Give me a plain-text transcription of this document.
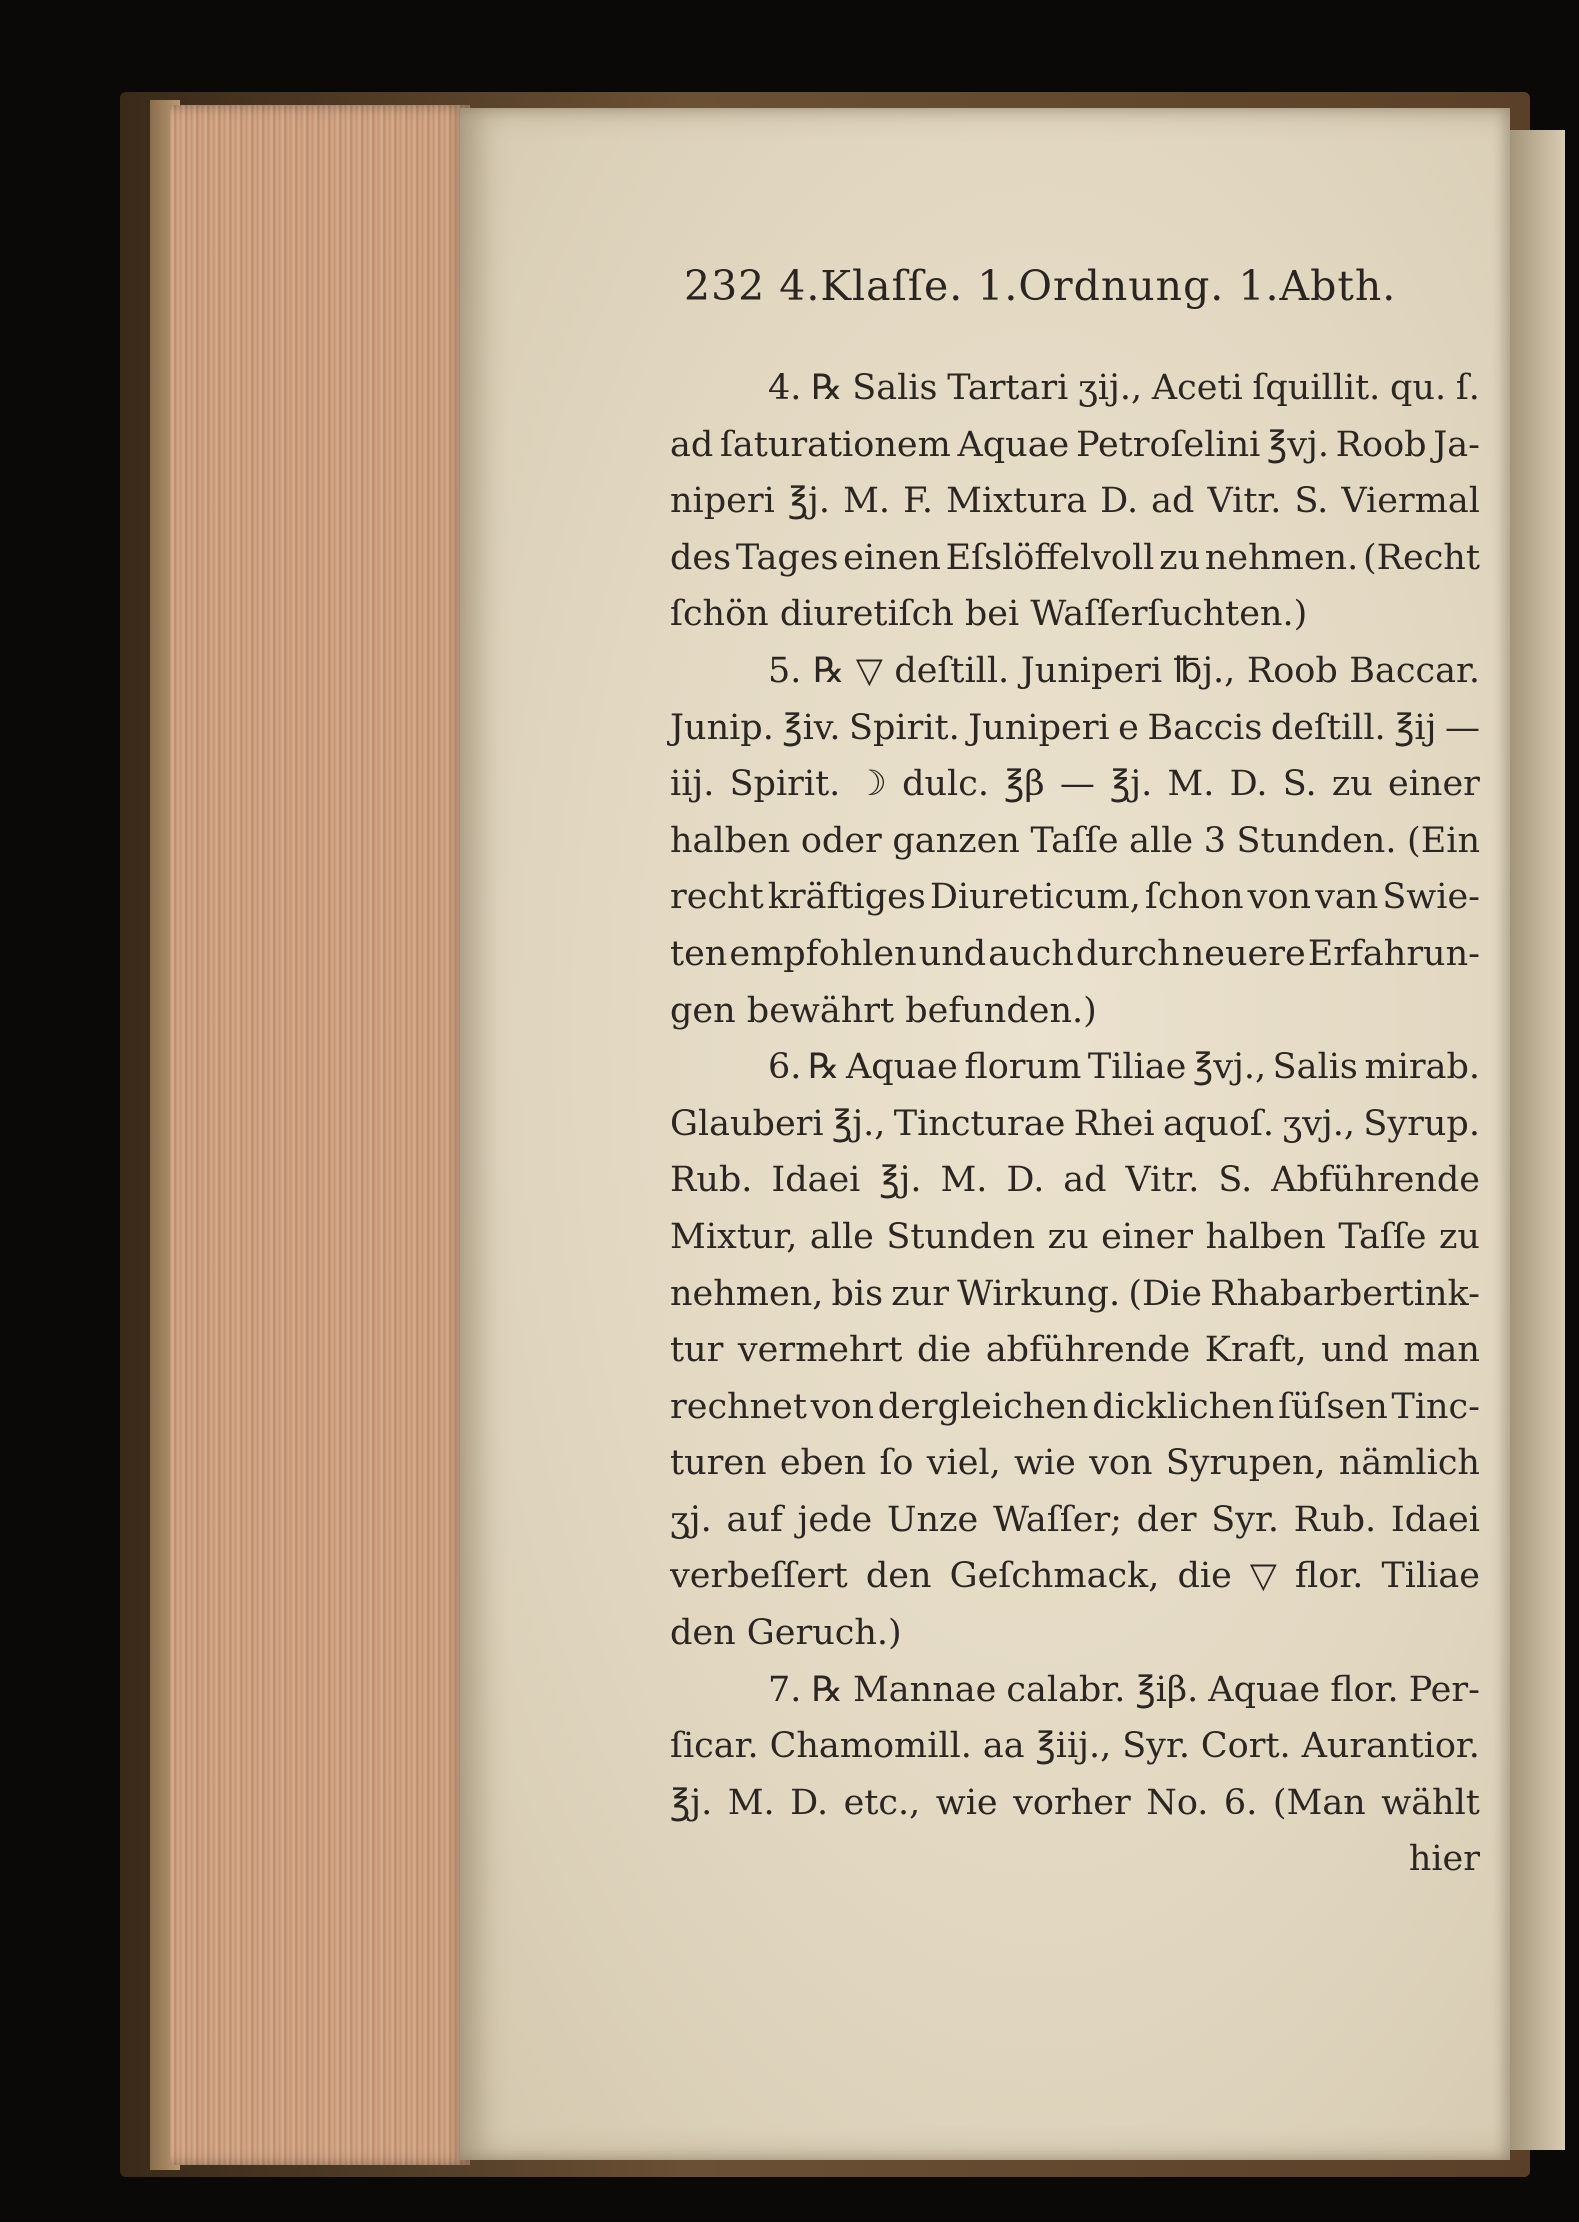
232 4.Klaſſe. 1.Ordnung. 1.Abth.
4. ℞ Salis Tartari ʒij., Aceti ſquillit. qu. ſ.
ad ſaturationem Aquae Petroſelini ℥vj. Roob Ja-
niperi ℥j. M. F. Mixtura D. ad Vitr. S. Viermal
des Tages einen Eſslöffelvoll zu nehmen. (Recht
ſchön diuretiſch bei Waſſerſuchten.)
5. ℞ ▽ deſtill. Juniperi ℔j., Roob Baccar.
Junip. ℥iv. Spirit. Juniperi e Baccis deſtill. ℥ij —
iij. Spirit. ☽ dulc. ℥β — ℥j. M. D. S. zu einer
halben oder ganzen Taſſe alle 3 Stunden. (Ein
recht kräftiges Diureticum, ſchon von van Swie-
ten empfohlen und auch durch neuere Erfahrun-
gen bewährt befunden.)
6. ℞ Aquae florum Tiliae ℥vj., Salis mirab.
Glauberi ℥j., Tincturae Rhei aquoſ. ʒvj., Syrup.
Rub. Idaei ℥j. M. D. ad Vitr. S. Abführende
Mixtur, alle Stunden zu einer halben Taſſe zu
nehmen, bis zur Wirkung. (Die Rhabarbertink-
tur vermehrt die abführende Kraft, und man
rechnet von dergleichen dicklichen ſüſsen Tinc-
turen eben ſo viel, wie von Syrupen, nämlich
ʒj. auf jede Unze Waſſer; der Syr. Rub. Idaei
verbeſſert den Geſchmack, die ▽ flor. Tiliae
den Geruch.)
7. ℞ Mannae calabr. ℥iβ. Aquae flor. Per-
ſicar. Chamomill. aa ℥iij., Syr. Cort. Aurantior.
℥j. M. D. etc., wie vorher No. 6. (Man wählt
hier
